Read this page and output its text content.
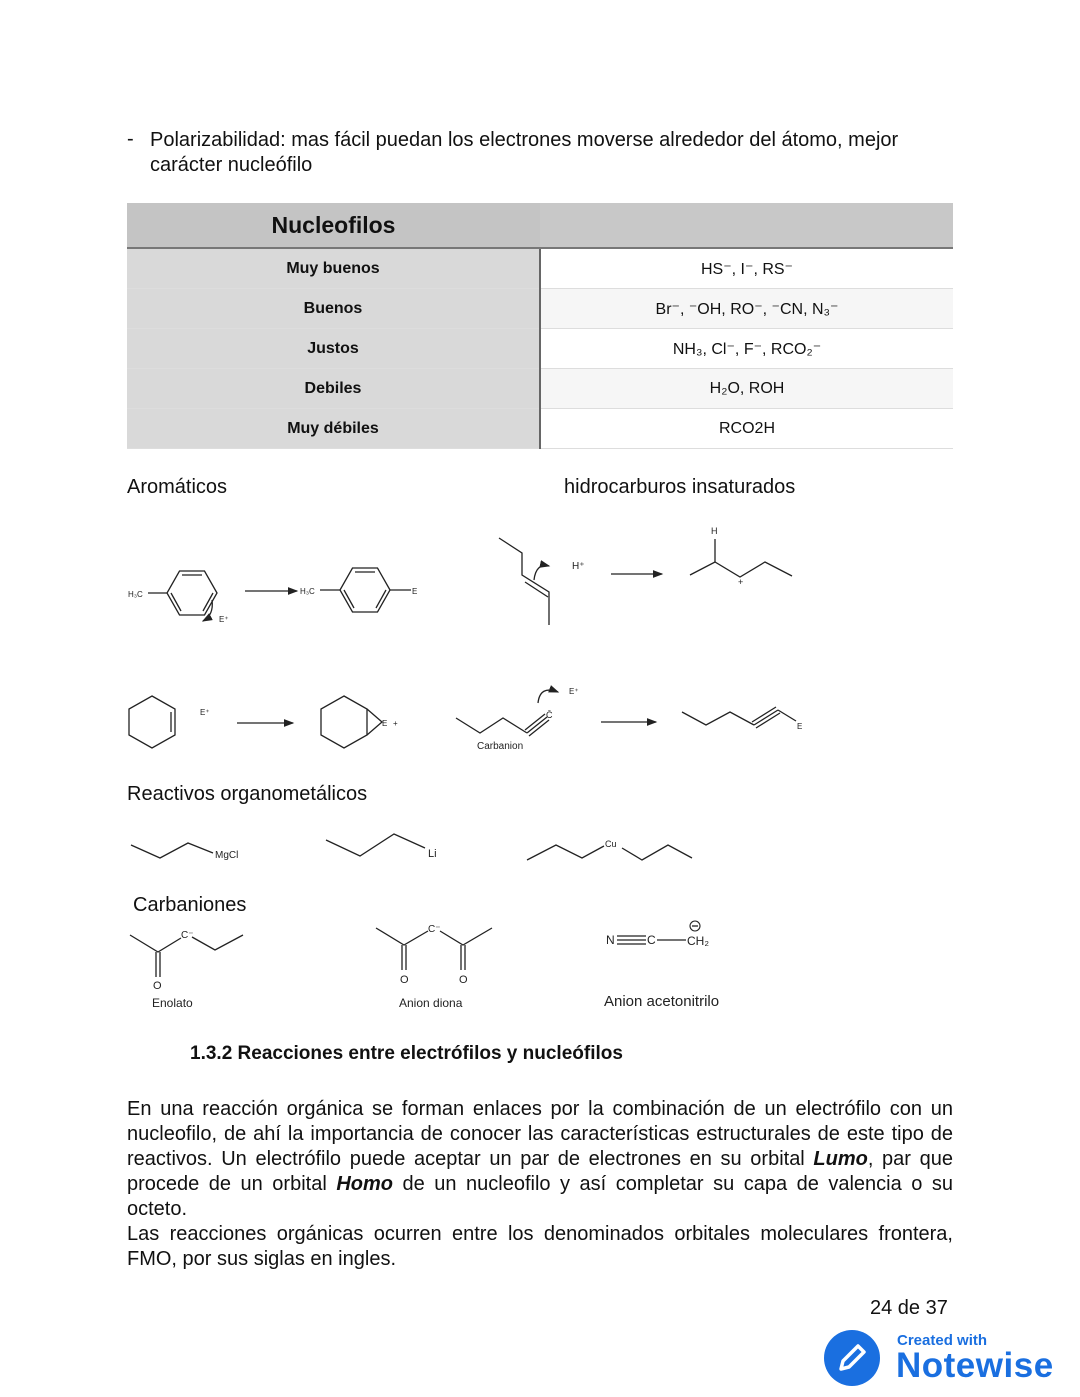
- Polarizabilidad: mas fácil puedan los electrones moverse alrededor del átomo, mejor carácter nucleófilo
Nucleofilos	
Muy buenos	HS⁻, I⁻, RS⁻
Buenos	Br⁻, ⁻OH, RO⁻, ⁻CN, N₃⁻
Justos	NH₃, Cl⁻, F⁻, RCO₂⁻
Debiles	H₂O, ROH
Muy débiles	RCO2H
Aromáticos	hidrocarburos insaturados
Reactivos organometálicos
Carbaniones
H₃C
E⁺
H₃C	E
H⁺
H
+
E⁺
E +
C̄
E⁺
Carbanion
E
MgCl	Li
Cu
C⁻
O
Enolato
C⁻
O	O
Anion diona
N	C	CH₂
Anion acetonitrilo
1.3.2 Reacciones entre electrófilos y nucleófilos
En una reacción orgánica se forman enlaces por la combinación de un electrófilo con un nucleofilo, de ahí la importancia de conocer las características estructurales de este tipo de reactivos. Un electrófilo puede aceptar un par de electrones en su orbital Lumo, par que procede de un orbital Homo de un nucleofilo y así completar su capa de valencia o su octeto.
Las reacciones orgánicas ocurren entre los denominados orbitales moleculares frontera, FMO, por sus siglas en ingles.
24 de 37
Created with
Notewise
